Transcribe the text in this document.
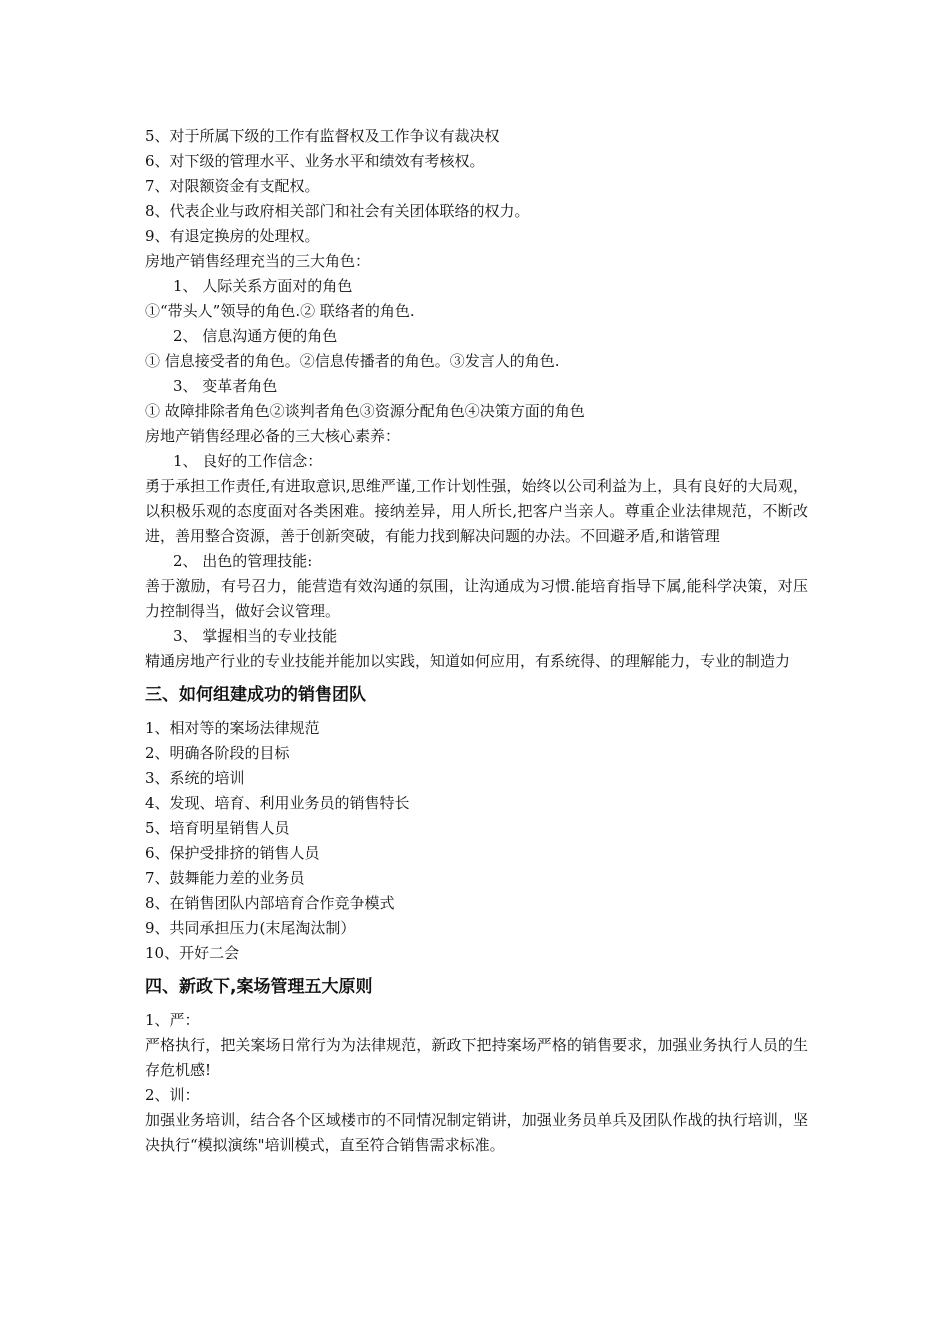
5、对于所属下级的工作有监督权及工作争议有裁决权
6、对下级的管理水平、业务水平和绩效有考核权。
7、对限额资金有支配权。
8、代表企业与政府相关部门和社会有关团体联络的权力。
9、有退定换房的处理权。
房地产销售经理充当的三大角色：
1、 人际关系方面对的角色
①“带头人”领导的角色.② 联络者的角色.
2、 信息沟通方便的角色
① 信息接受者的角色。②信息传播者的角色。③发言人的角色.
3、 变革者角色
① 故障排除者角色②谈判者角色③资源分配角色④决策方面的角色
房地产销售经理必备的三大核心素养：
1、 良好的工作信念：
勇于承担工作责任,有进取意识,思维严谨,工作计划性强，始终以公司利益为上，具有良好的大局观，以积极乐观的态度面对各类困难。接纳差异，用人所长,把客户当亲人。尊重企业法律规范，不断改进，善用整合资源，善于创新突破，有能力找到解决问题的办法。不回避矛盾,和谐管理
2、 出色的管理技能:
善于激励，有号召力，能营造有效沟通的氛围，让沟通成为习惯.能培育指导下属,能科学决策，对压力控制得当，做好会议管理。
3、 掌握相当的专业技能
精通房地产行业的专业技能并能加以实践，知道如何应用，有系统得、的理解能力，专业的制造力
三、如何组建成功的销售团队
1、相对等的案场法律规范
2、明确各阶段的目标
3、系统的培训
4、发现、培育、利用业务员的销售特长
5、培育明星销售人员
6、保护受排挤的销售人员
7、鼓舞能力差的业务员
8、在销售团队内部培育合作竞争模式
9、共同承担压力(末尾淘汰制）
10、开好二会
四、新政下,案场管理五大原则
1、严：
严格执行，把关案场日常行为为法律规范，新政下把持案场严格的销售要求，加强业务执行人员的生存危机感!
2、训：
加强业务培训，结合各个区域楼市的不同情况制定销讲，加强业务员单兵及团队作战的执行培训，坚决执行“模拟演练"培训模式，直至符合销售需求标准。
